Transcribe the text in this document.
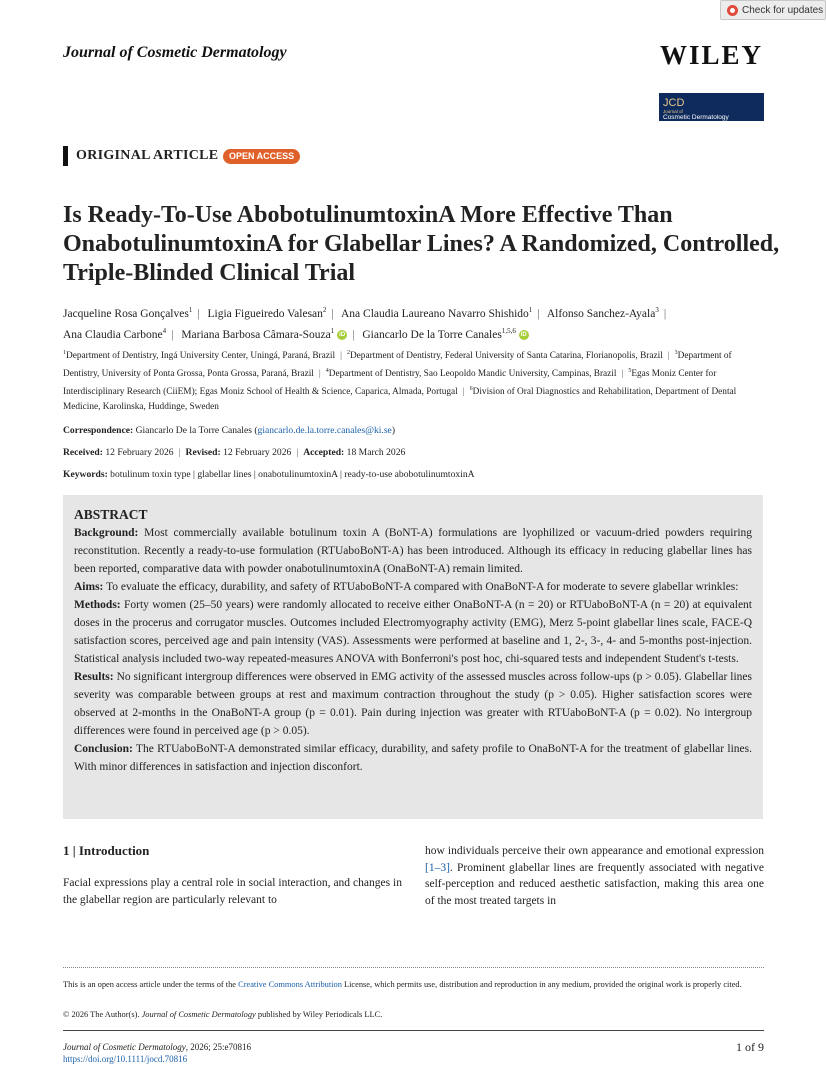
Check for updates
Journal of Cosmetic Dermatology	WILEY
JCD
Journal of
Cosmetic Dermatology
ORIGINAL ARTICLE	OPEN ACCESS
Is Ready-To-Use AbobotulinumtoxinA More Effective Than OnabotulinumtoxinA for Glabellar Lines? A Randomized, Controlled, Triple-Blinded Clinical Trial
Jacqueline Rosa Gonçalves$^1$ | Ligia Figueiredo Valesan$^2$ | Ana Claudia Laureano Navarro Shishido$^1$ | Alfonso Sanchez-Ayala$^3$ |
Ana Claudia Carbone$^4$ | Mariana Barbosa Câmara-Souza$^1$ iD | Giancarlo De la Torre Canales$^{1,5,6}$ iD
$^1$Department of Dentistry, Ingá University Center, Uningá, Paraná, Brazil | $^2$Department of Dentistry, Federal University of Santa Catarina, Florianopolis, Brazil | $^3$Department of Dentistry, University of Ponta Grossa, Ponta Grossa, Paraná, Brazil | $^4$Department of Dentistry, Sao Leopoldo Mandic University, Campinas, Brazil | $^5$Egas Moniz Center for Interdisciplinary Research (CiiEM); Egas Moniz School of Health & Science, Caparica, Almada, Portugal | $^6$Division of Oral Diagnostics and Rehabilitation, Department of Dental Medicine, Karolinska, Huddinge, Sweden
Correspondence: Giancarlo De la Torre Canales (giancarlo.de.la.torre.canales@ki.se)
Received: 12 February 2026 | Revised: 12 February 2026 | Accepted: 18 March 2026
Keywords: botulinum toxin type | glabellar lines | onabotulinumtoxinA | ready-to-use abobotulinumtoxinA
ABSTRACT

Background: Most commercially available botulinum toxin A (BoNT-A) formulations are lyophilized or vacuum-dried powders requiring reconstitution. Recently a ready-to-use formulation (RTUaboBoNT-A) has been introduced. Although its efficacy in reducing glabellar lines has been reported, comparative data with powder onabotulinumtoxinA (OnaBoNT-A) remain limited.

Aims: To evaluate the efficacy, durability, and safety of RTUaboBoNT-A compared with OnaBoNT-A for moderate to severe glabellar wrinkles:

Methods: Forty women (25–50 years) were randomly allocated to receive either OnaBoNT-A (n = 20) or RTUaboBoNT-A (n = 20) at equivalent doses in the procerus and corrugator muscles. Outcomes included Electromyography activity (EMG), Merz 5-point glabellar lines scale, FACE-Q satisfaction scores, perceived age and pain intensity (VAS). Assessments were performed at baseline and 1, 2-, 3-, 4- and 5-months post-injection. Statistical analysis included two-way repeated-measures ANOVA with Bonferroni's post hoc, chi-squared tests and independent Student's t-tests.

Results: No significant intergroup differences were observed in EMG activity of the assessed muscles across follow-ups (p > 0.05). Glabellar lines severity was comparable between groups at rest and maximum contraction throughout the study (p > 0.05). Higher satisfaction scores were observed at 2-months in the OnaBoNT-A group (p = 0.01). Pain during injection was greater with RTUaboBoNT-A (p = 0.02). No intergroup differences were found in perceived age (p > 0.05).

Conclusion: The RTUaboBoNT-A demonstrated similar efficacy, durability, and safety profile to OnaBoNT-A for the treatment of glabellar lines. With minor differences in satisfaction and injection disconfort.

1 | Introduction
Facial expressions play a central role in social interaction, and changes in the glabellar region are particularly relevant to
how individuals perceive their own appearance and emotional expression [1–3]. Prominent glabellar lines are frequently associated with negative self-perception and reduced aesthetic satisfaction, making this area one of the most treated targets in
This is an open access article under the terms of the Creative Commons Attribution License, which permits use, distribution and reproduction in any medium, provided the original work is properly cited.
© 2026 The Author(s). Journal of Cosmetic Dermatology published by Wiley Periodicals LLC.
Journal of Cosmetic Dermatology, 2026; 25:e70816
https://doi.org/10.1111/jocd.70816
1 of 9
